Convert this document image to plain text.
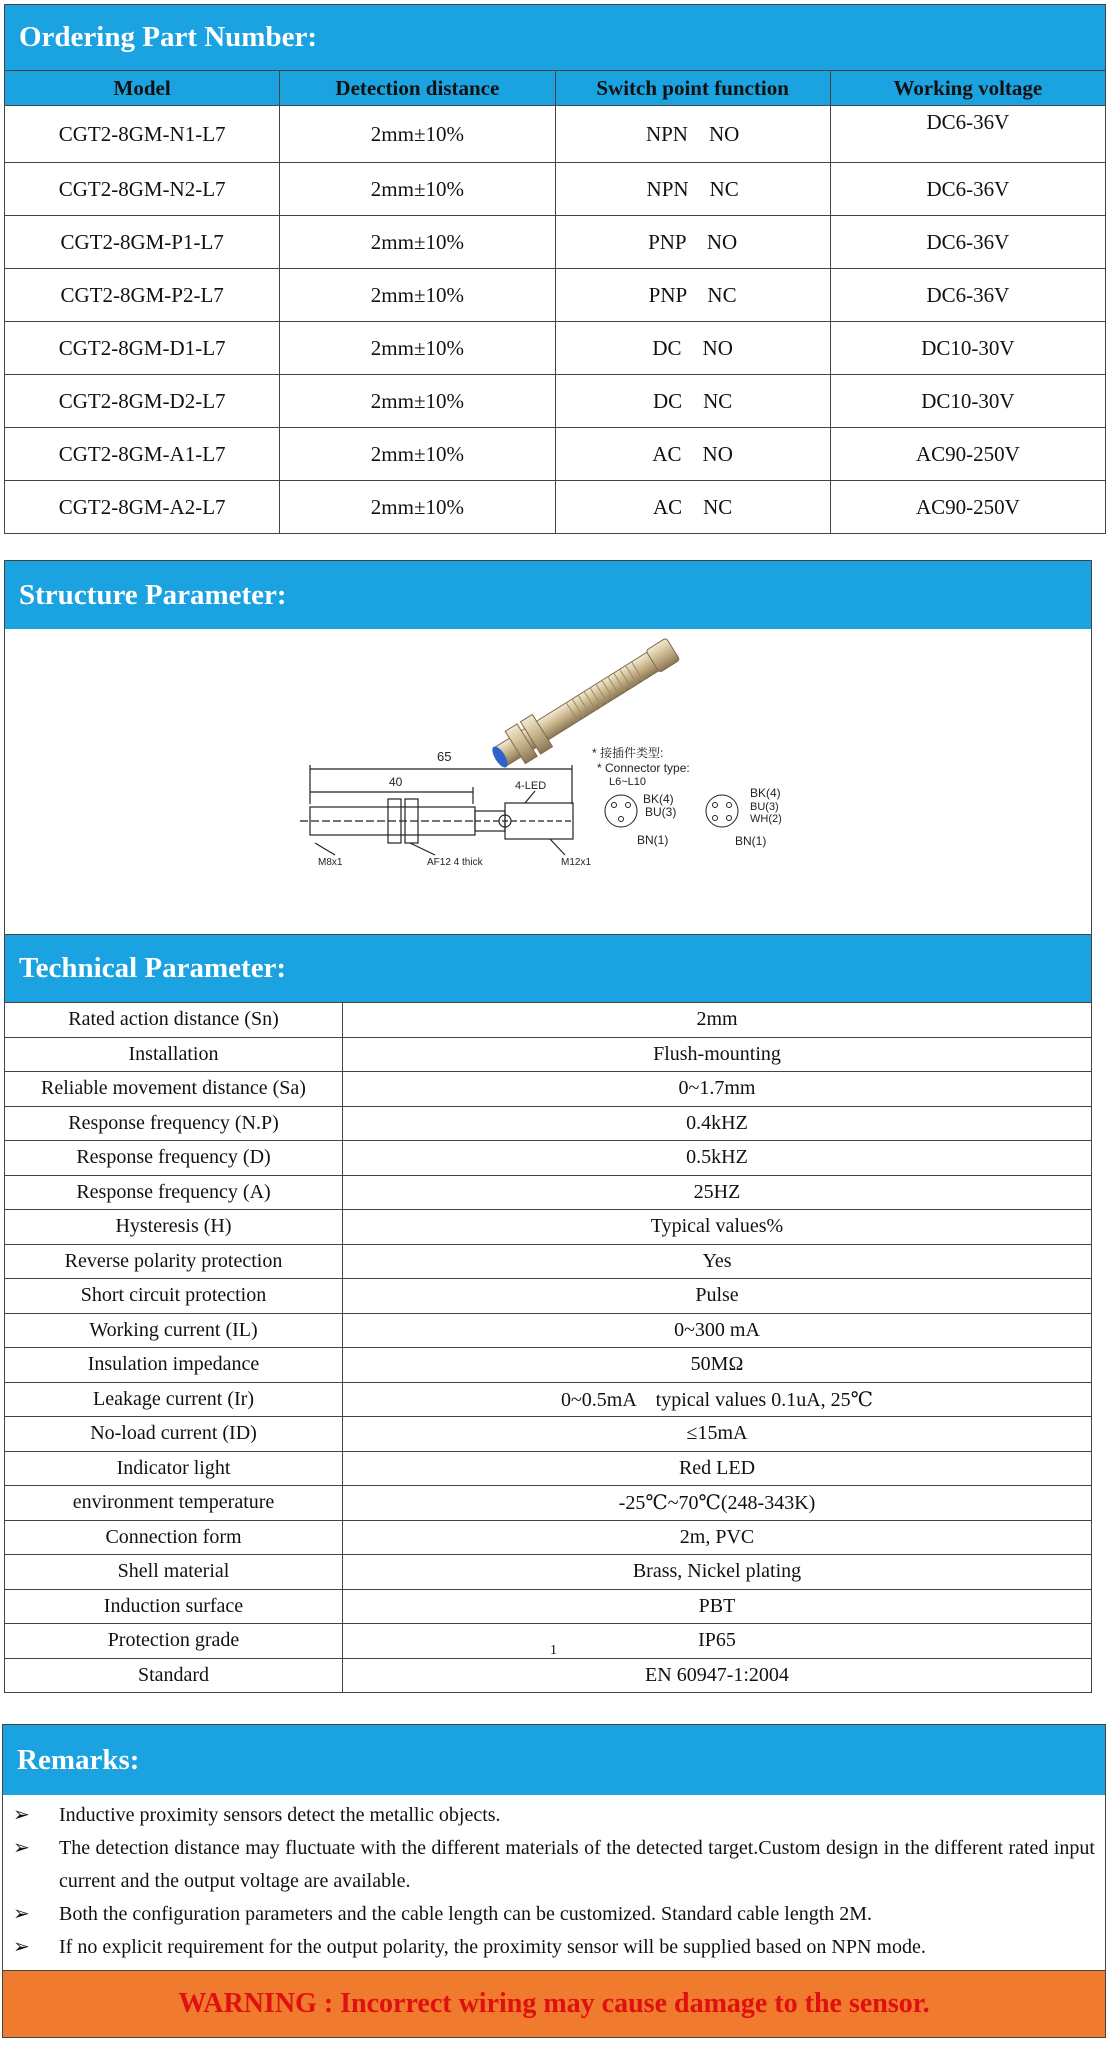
Ordering Part Number:
Model	Detection distance	Switch point function	Working voltage
CGT2-8GM-N1-L7	2mm±10%	NPN    NO	DC6-36V
CGT2-8GM-N2-L7	2mm±10%	NPN    NC	DC6-36V
CGT2-8GM-P1-L7	2mm±10%	PNP    NO	DC6-36V
CGT2-8GM-P2-L7	2mm±10%	PNP    NC	DC6-36V
CGT2-8GM-D1-L7	2mm±10%	DC    NO	DC10-30V
CGT2-8GM-D2-L7	2mm±10%	DC    NC	DC10-30V
CGT2-8GM-A1-L7	2mm±10%	AC    NO	AC90-250V
CGT2-8GM-A2-L7	2mm±10%	AC    NC	AC90-250V
Structure Parameter:
65
40	4-LED
M8x1	AF12 4 thick	M12x1
* 接插件类型:
* Connector type:
L6~L10
BK(4)
BU(3)
BN(1)
BK(4)
BU(3)
WH(2)
BN(1)
Technical Parameter:
Rated action distance (Sn)	2mm
Installation	Flush-mounting
Reliable movement distance (Sa)	0~1.7mm
Response frequency (N.P)	0.4kHZ
Response frequency (D)	0.5kHZ
Response frequency (A)	25HZ
Hysteresis (H)	Typical values%
Reverse polarity protection	Yes
Short circuit protection	Pulse
Working current (IL)	0~300 mA
Insulation impedance	50MΩ
Leakage current (Ir)	0~0.5mA    typical values 0.1uA, 25℃
No-load current (ID)	≤15mA
Indicator light	Red LED
environment temperature	-25℃~70℃(248-343K)
Connection form	2m, PVC
Shell material	Brass, Nickel plating
Induction surface	PBT
Protection grade	IP65
Standard	EN 60947-1:2004
1
Remarks:
➢	Inductive proximity sensors detect the metallic objects.
➢	The detection distance may fluctuate with the different materials of the detected target.Custom design in the different rated input current and the output voltage are available.
➢	Both the configuration parameters and the cable length can be customized. Standard cable length 2M.
➢	If no explicit requirement for the output polarity, the proximity sensor will be supplied based on NPN mode.
WARNING : Incorrect wiring may cause damage to the sensor.
